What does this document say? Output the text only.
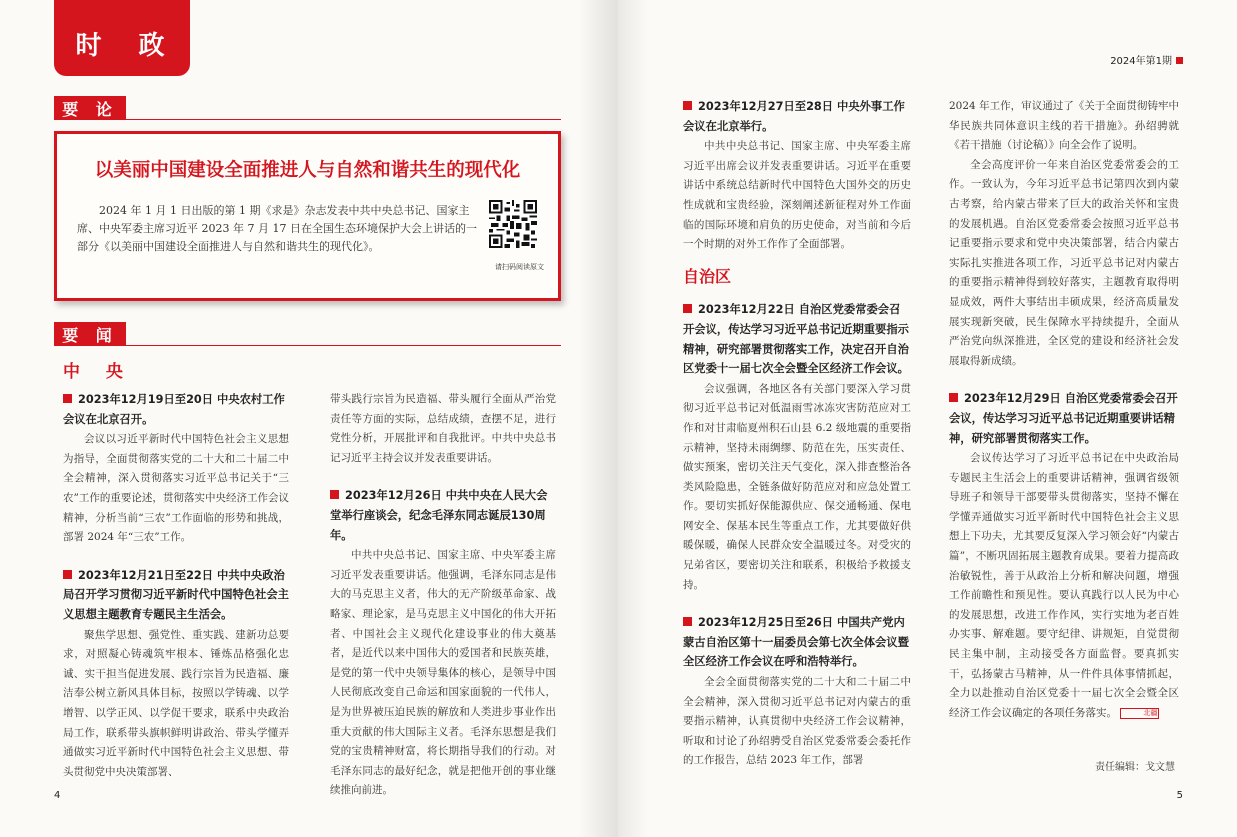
时 政
要 论
以美丽中国建设全面推进人与自然和谐共生的现代化
2024 年 1 月 1 日出版的第 1 期《求是》杂志发表中共中央总书记、国家主席、中央军委主席习近平 2023 年 7 月 17 日在全国生态环境保护大会上讲话的一部分《以美丽中国建设全面推进人与自然和谐共生的现代化》。
请扫码阅读原文
要 闻
中 央
2023年12月19日至20日 中央农村工作会议在北京召开。

会议以习近平新时代中国特色社会主义思想为指导，全面贯彻落实党的二十大和二十届二中全会精神，深入贯彻落实习近平总书记关于“三农”工作的重要论述，贯彻落实中央经济工作会议精神，分析当前“三农”工作面临的形势和挑战，部署 2024 年“三农”工作。

2023年12月21日至22日 中共中央政治局召开学习贯彻习近平新时代中国特色社会主义思想主题教育专题民主生活会。

聚焦学思想、强党性、重实践、建新功总要求，对照凝心铸魂筑牢根本、锤炼品格强化忠诚、实干担当促进发展、践行宗旨为民造福、廉洁奉公树立新风具体目标，按照以学铸魂、以学增智、以学正风、以学促干要求，联系中央政治局工作，联系带头旗帜鲜明讲政治、带头学懂弄通做实习近平新时代中国特色社会主义思想、带头贯彻党中央决策部署、

带头践行宗旨为民造福、带头履行全面从严治党责任等方面的实际，总结成绩，查摆不足，进行党性分析，开展批评和自我批评。中共中央总书记习近平主持会议并发表重要讲话。

2023年12月26日 中共中央在人民大会堂举行座谈会，纪念毛泽东同志诞辰130周年。

中共中央总书记、国家主席、中央军委主席习近平发表重要讲话。他强调，毛泽东同志是伟大的马克思主义者，伟大的无产阶级革命家、战略家、理论家，是马克思主义中国化的伟大开拓者、中国社会主义现代化建设事业的伟大奠基者，是近代以来中国伟大的爱国者和民族英雄，是党的第一代中央领导集体的核心，是领导中国人民彻底改变自己命运和国家面貌的一代伟人，是为世界被压迫民族的解放和人类进步事业作出重大贡献的伟大国际主义者。毛泽东思想是我们党的宝贵精神财富，将长期指导我们的行动。对毛泽东同志的最好纪念，就是把他开创的事业继续推向前进。

4
2024年第1期
2023年12月27日至28日 中央外事工作会议在北京举行。

中共中央总书记、国家主席、中央军委主席习近平出席会议并发表重要讲话。习近平在重要讲话中系统总结新时代中国特色大国外交的历史性成就和宝贵经验，深刻阐述新征程对外工作面临的国际环境和肩负的历史使命，对当前和今后一个时期的对外工作作了全面部署。

自治区
2023年12月22日 自治区党委常委会召开会议，传达学习习近平总书记近期重要指示精神，研究部署贯彻落实工作，决定召开自治区党委十一届七次全会暨全区经济工作会议。

会议强调，各地区各有关部门要深入学习贯彻习近平总书记对低温雨雪冰冻灾害防范应对工作和对甘肃临夏州积石山县 6.2 级地震的重要指示精神，坚持未雨绸缪、防范在先，压实责任、做实预案，密切关注天气变化，深入排查整治各类风险隐患，全链条做好防范应对和应急处置工作。要切实抓好保能源供应、保交通畅通、保电网安全、保基本民生等重点工作，尤其要做好供暖保暖，确保人民群众安全温暖过冬。对受灾的兄弟省区，要密切关注和联系，积极给予救援支持。

2023年12月25日至26日 中国共产党内蒙古自治区第十一届委员会第七次全体会议暨全区经济工作会议在呼和浩特举行。

全会全面贯彻落实党的二十大和二十届二中全会精神，深入贯彻习近平总书记对内蒙古的重要指示精神，认真贯彻中央经济工作会议精神，听取和讨论了孙绍骋受自治区党委常委会委托作的工作报告，总结 2023 年工作，部署

2024 年工作，审议通过了《关于全面贯彻铸牢中华民族共同体意识主线的若干措施》。孙绍骋就《若干措施（讨论稿）》向全会作了说明。

全会高度评价一年来自治区党委常委会的工作。一致认为，今年习近平总书记第四次到内蒙古考察，给内蒙古带来了巨大的政治关怀和宝贵的发展机遇。自治区党委常委会按照习近平总书记重要指示要求和党中央决策部署，结合内蒙古实际扎实推进各项工作，习近平总书记对内蒙古的重要指示精神得到较好落实，主题教育取得明显成效，两件大事结出丰硕成果，经济高质量发展实现新突破，民生保障水平持续提升，全面从严治党向纵深推进，全区党的建设和经济社会发展取得新成绩。

2023年12月29日 自治区党委常委会召开会议，传达学习习近平总书记近期重要讲话精神，研究部署贯彻落实工作。

会议传达学习了习近平总书记在中央政治局专题民主生活会上的重要讲话精神，强调省级领导班子和领导干部要带头贯彻落实，坚持不懈在学懂弄通做实习近平新时代中国特色社会主义思想上下功夫，尤其要反复深入学习领会好“内蒙古篇”，不断巩固拓展主题教育成果。要着力提高政治敏锐性，善于从政治上分析和解决问题，增强工作前瞻性和预见性。要认真践行以人民为中心的发展思想，改进工作作风，实行实地为老百姓办实事、解难题。要守纪律、讲规矩，自觉贯彻民主集中制，主动接受各方面监督。要真抓实干，弘扬蒙古马精神，从一件件具体事情抓起，全力以赴推动自治区党委十一届七次全会暨全区经济工作会议确定的各项任务落实。	北疆

责任编辑：戈文慧
5
